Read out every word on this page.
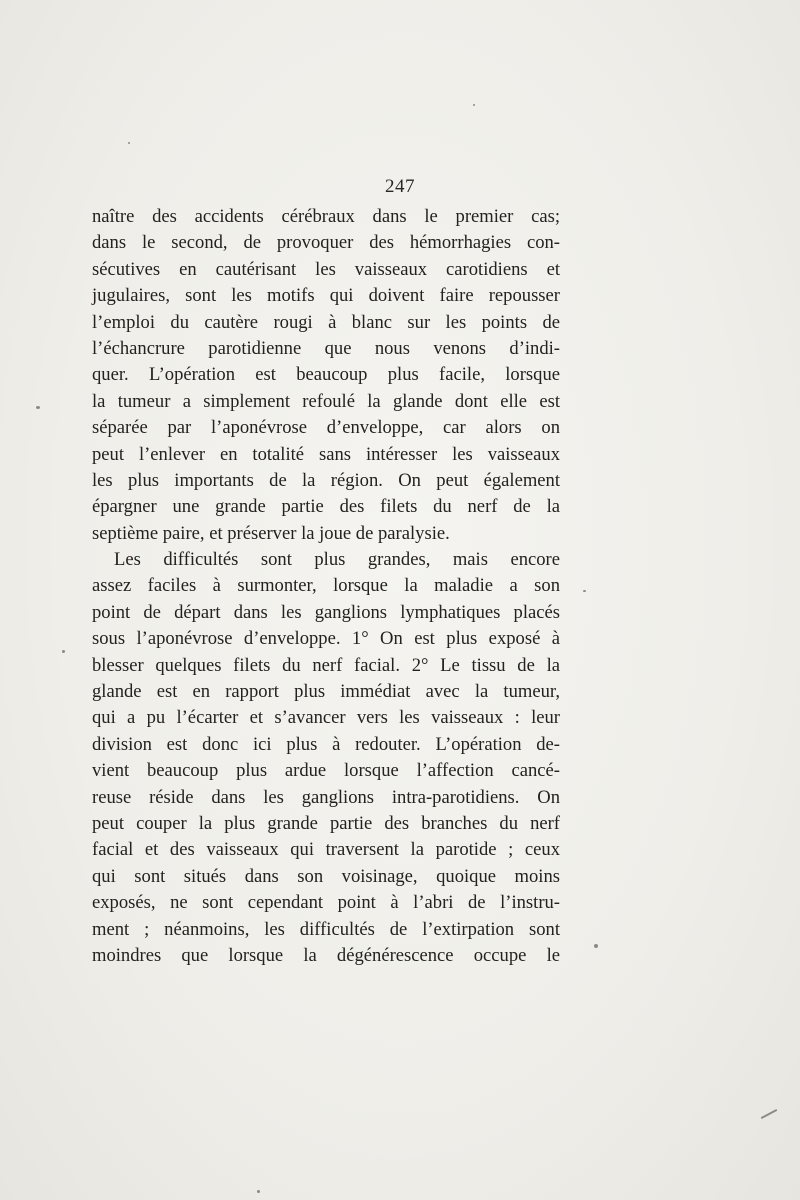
247
naître des accidents cérébraux dans le premier cas;
dans le second, de provoquer des hémorrhagies con-
sécutives en cautérisant les vaisseaux carotidiens et
jugulaires, sont les motifs qui doivent faire repousser
l’emploi du cautère rougi à blanc sur les points de
l’échancrure parotidienne que nous venons d’indi-
quer. L’opération est beaucoup plus facile, lorsque
la tumeur a simplement refoulé la glande dont elle est
séparée par l’aponévrose d’enveloppe, car alors on
peut l’enlever en totalité sans intéresser les vaisseaux
les plus importants de la région. On peut également
épargner une grande partie des filets du nerf de la
septième paire, et préserver la joue de paralysie.
Les difficultés sont plus grandes, mais encore
assez faciles à surmonter, lorsque la maladie a son
point de départ dans les ganglions lymphatiques placés
sous l’aponévrose d’enveloppe. 1° On est plus exposé à
blesser quelques filets du nerf facial. 2° Le tissu de la
glande est en rapport plus immédiat avec la tumeur,
qui a pu l’écarter et s’avancer vers les vaisseaux : leur
division est donc ici plus à redouter. L’opération de-
vient beaucoup plus ardue lorsque l’affection cancé-
reuse réside dans les ganglions intra-parotidiens. On
peut couper la plus grande partie des branches du nerf
facial et des vaisseaux qui traversent la parotide ; ceux
qui sont situés dans son voisinage, quoique moins
exposés, ne sont cependant point à l’abri de l’instru-
ment ; néanmoins, les difficultés de l’extirpation sont
moindres que lorsque la dégénérescence occupe le
